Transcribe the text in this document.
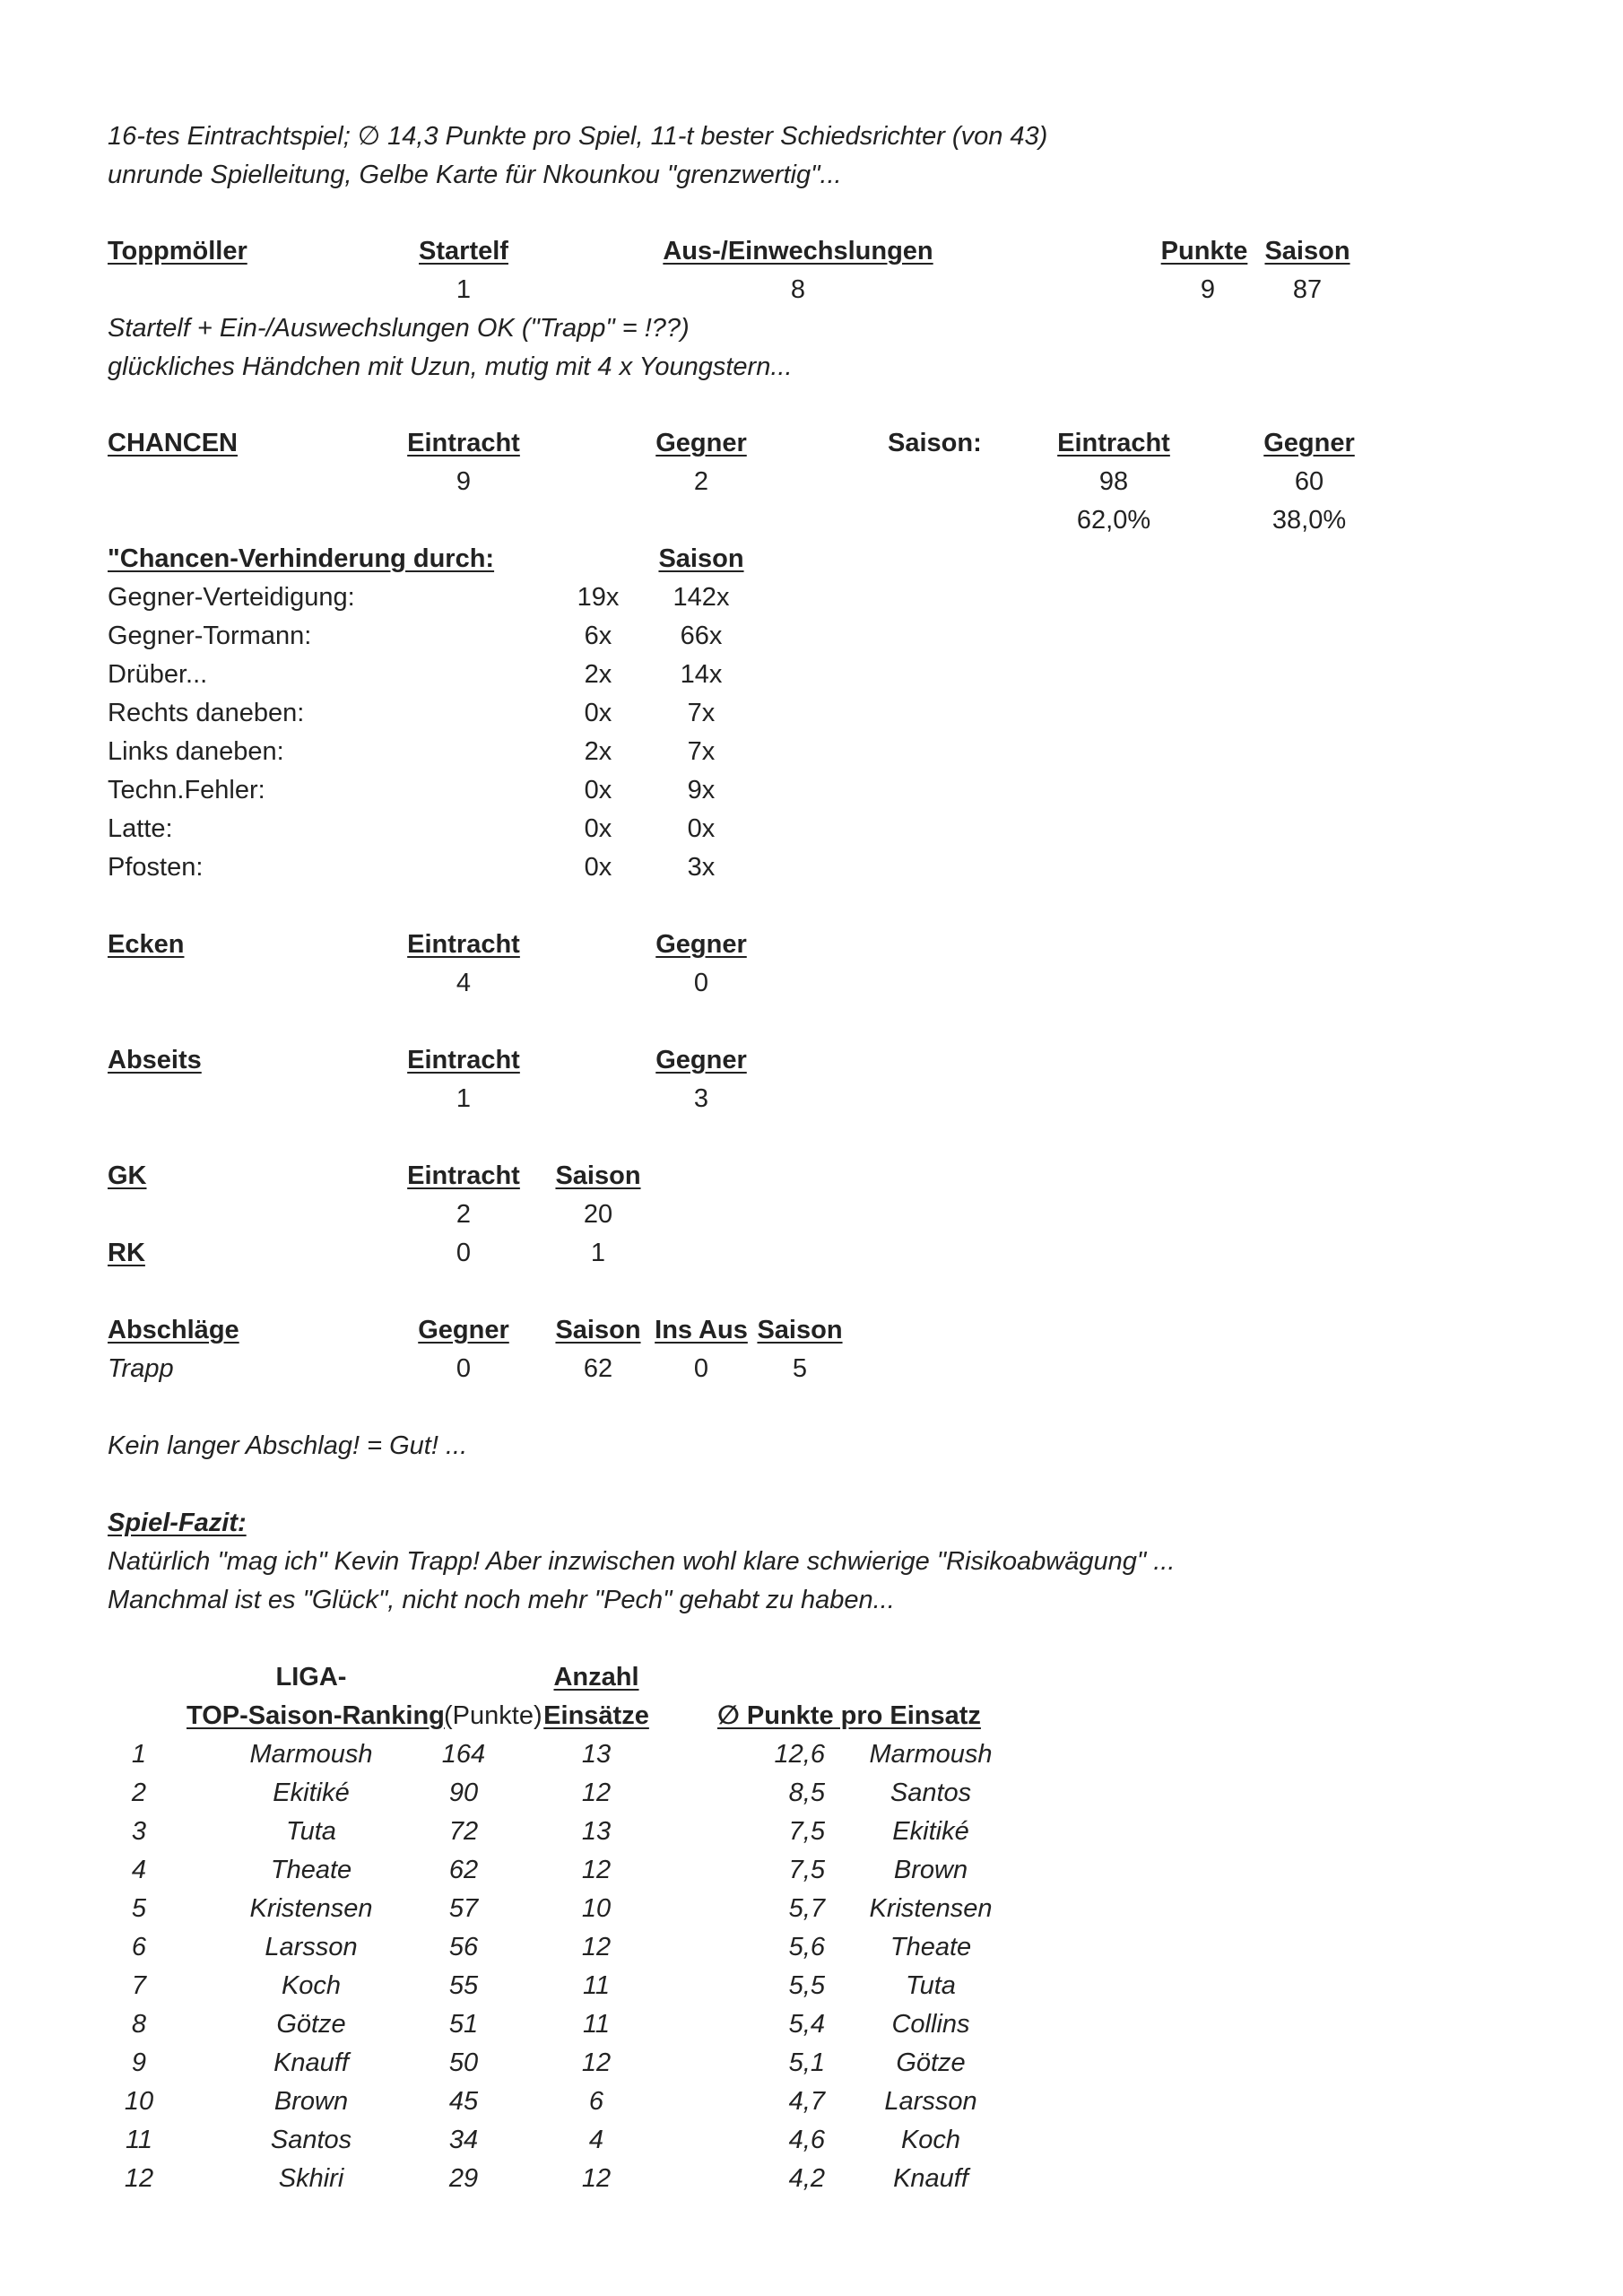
16-tes Eintrachtspiel; ∅ 14,3 Punkte pro Spiel, 11-t bester Schiedsrichter (von 43)
unrunde Spielleitung, Gelbe Karte für Nkounkou "grenzwertig"...
Toppmöller	Startelf	Aus-/Einwechslungen	Punkte Saison
1	8	9	87
Startelf + Ein-/Auswechslungen OK ("Trapp" = !??)
glückliches Händchen mit Uzun, mutig mit 4 x Youngstern...
CHANCEN	Eintracht	Gegner	Saison:	Eintracht	Gegner
9	2	98	60
62,0%	38,0%
"Chancen-Verhinderung durch:	Saison
Gegner-Verteidigung:	19x 142x
Gegner-Tormann:	6x	66x
Drüber...	2x	14x
Rechts daneben:	0x	7x
Links daneben:	2x	7x
Techn.Fehler:	0x	9x
Latte:	0x	0x
Pfosten:	0x	3x
Ecken	Eintracht	Gegner
4	0
Abseits	Eintracht	Gegner
1	3
GK	Eintracht Saison
2	20
RK	0	1
Abschläge	Gegner Saison Ins Aus Saison
Trapp	0	62	0	5
Kein langer Abschlag! = Gut! ...
Spiel-Fazit:
Natürlich "mag ich" Kevin Trapp! Aber inzwischen wohl klare schwierige "Risikoabwägung" ...
Manchmal ist es "Glück", nicht noch mehr "Pech" gehabt zu haben...
LIGA-
TOP-Saison-Ranking (Punkte)
Anzahl
Einsätze	∅ Punkte pro Einsatz
1	Marmoush	164	13	12,6 Marmoush
2	Ekitiké	90	12	8,5	Santos
3	Tuta	72	13	7,5	Ekitiké
4	Theate	62	12	7,5	Brown
5	Kristensen	57	10	5,7 Kristensen
6	Larsson	56	12	5,6	Theate
7	Koch	55	11	5,5	Tuta
8	Götze	51	11	5,4	Collins
9	Knauff	50	12	5,1	Götze
10	Brown	45	6	4,7 Larsson
11	Santos	34	4	4,6	Koch
12	Skhiri	29	12	4,2	Knauff
